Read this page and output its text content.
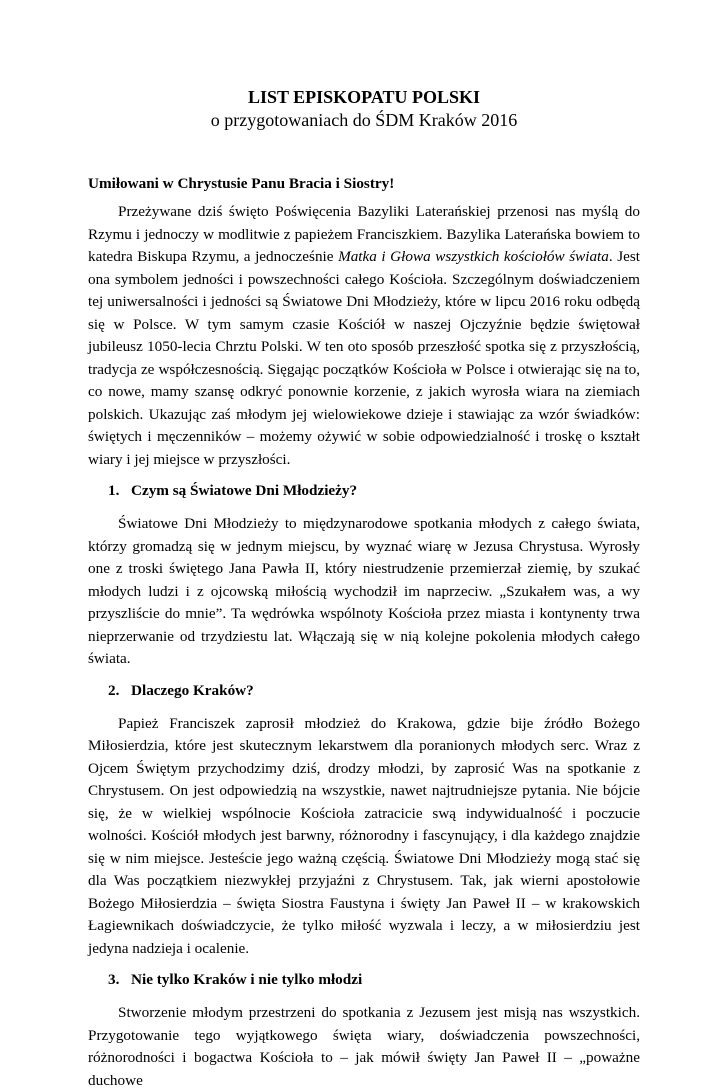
LIST EPISKOPATU POLSKI
o przygotowaniach do ŚDM Kraków 2016
Umiłowani w Chrystusie Panu Bracia i Siostry!

Przeżywane dziś święto Poświęcenia Bazyliki Laterańskiej przenosi nas myślą do Rzymu i jednoczy w modlitwie z papieżem Franciszkiem. Bazylika Laterańska bowiem to katedra Biskupa Rzymu, a jednocześnie Matka i Głowa wszystkich kościołów świata. Jest ona symbolem jedności i powszechności całego Kościoła. Szczególnym doświadczeniem tej uniwersalności i jedności są Światowe Dni Młodzieży, które w lipcu 2016 roku odbędą się w Polsce. W tym samym czasie Kościół w naszej Ojczyźnie będzie świętował jubileusz 1050-lecia Chrztu Polski. W ten oto sposób przeszłość spotka się z przyszłością, tradycja ze współczesnością. Sięgając początków Kościoła w Polsce i otwierając się na to, co nowe, mamy szansę odkryć ponownie korzenie, z jakich wyrosła wiara na ziemiach polskich. Ukazując zaś młodym jej wielowiekowe dzieje i stawiając za wzór świadków: świętych i męczenników – możemy ożywić w sobie odpowiedzialność i troskę o kształt wiary i jej miejsce w przyszłości.

1. Czym są Światowe Dni Młodzieży?

Światowe Dni Młodzieży to międzynarodowe spotkania młodych z całego świata, którzy gromadzą się w jednym miejscu, by wyznać wiarę w Jezusa Chrystusa. Wyrosły one z troski świętego Jana Pawła II, który niestrudzenie przemierzał ziemię, by szukać młodych ludzi i z ojcowską miłością wychodził im naprzeciw. „Szukałem was, a wy przyszliście do mnie”. Ta wędrówka wspólnoty Kościoła przez miasta i kontynenty trwa nieprzerwanie od trzydziestu lat. Włączają się w nią kolejne pokolenia młodych całego świata.

2. Dlaczego Kraków?

Papież Franciszek zaprosił młodzież do Krakowa, gdzie bije źródło Bożego Miłosierdzia, które jest skutecznym lekarstwem dla poranionych młodych serc. Wraz z Ojcem Świętym przychodzimy dziś, drodzy młodzi, by zaprosić Was na spotkanie z Chrystusem. On jest odpowiedzią na wszystkie, nawet najtrudniejsze pytania. Nie bójcie się, że w wielkiej wspólnocie Kościoła zatracicie swą indywidualność i poczucie wolności. Kościół młodych jest barwny, różnorodny i fascynujący, i dla każdego znajdzie się w nim miejsce. Jesteście jego ważną częścią. Światowe Dni Młodzieży mogą stać się dla Was początkiem niezwykłej przyjaźni z Chrystusem. Tak, jak wierni apostołowie Bożego Miłosierdzia – święta Siostra Faustyna i święty Jan Paweł II – w krakowskich Łagiewnikach doświadczycie, że tylko miłość wyzwala i leczy, a w miłosierdziu jest jedyna nadzieja i ocalenie.

3. Nie tylko Kraków i nie tylko młodzi

Stworzenie młodym przestrzeni do spotkania z Jezusem jest misją nas wszystkich. Przygotowanie tego wyjątkowego święta wiary, doświadczenia powszechności, różnorodności i bogactwa Kościoła to – jak mówił święty Jan Paweł II – „poważne duchowe
